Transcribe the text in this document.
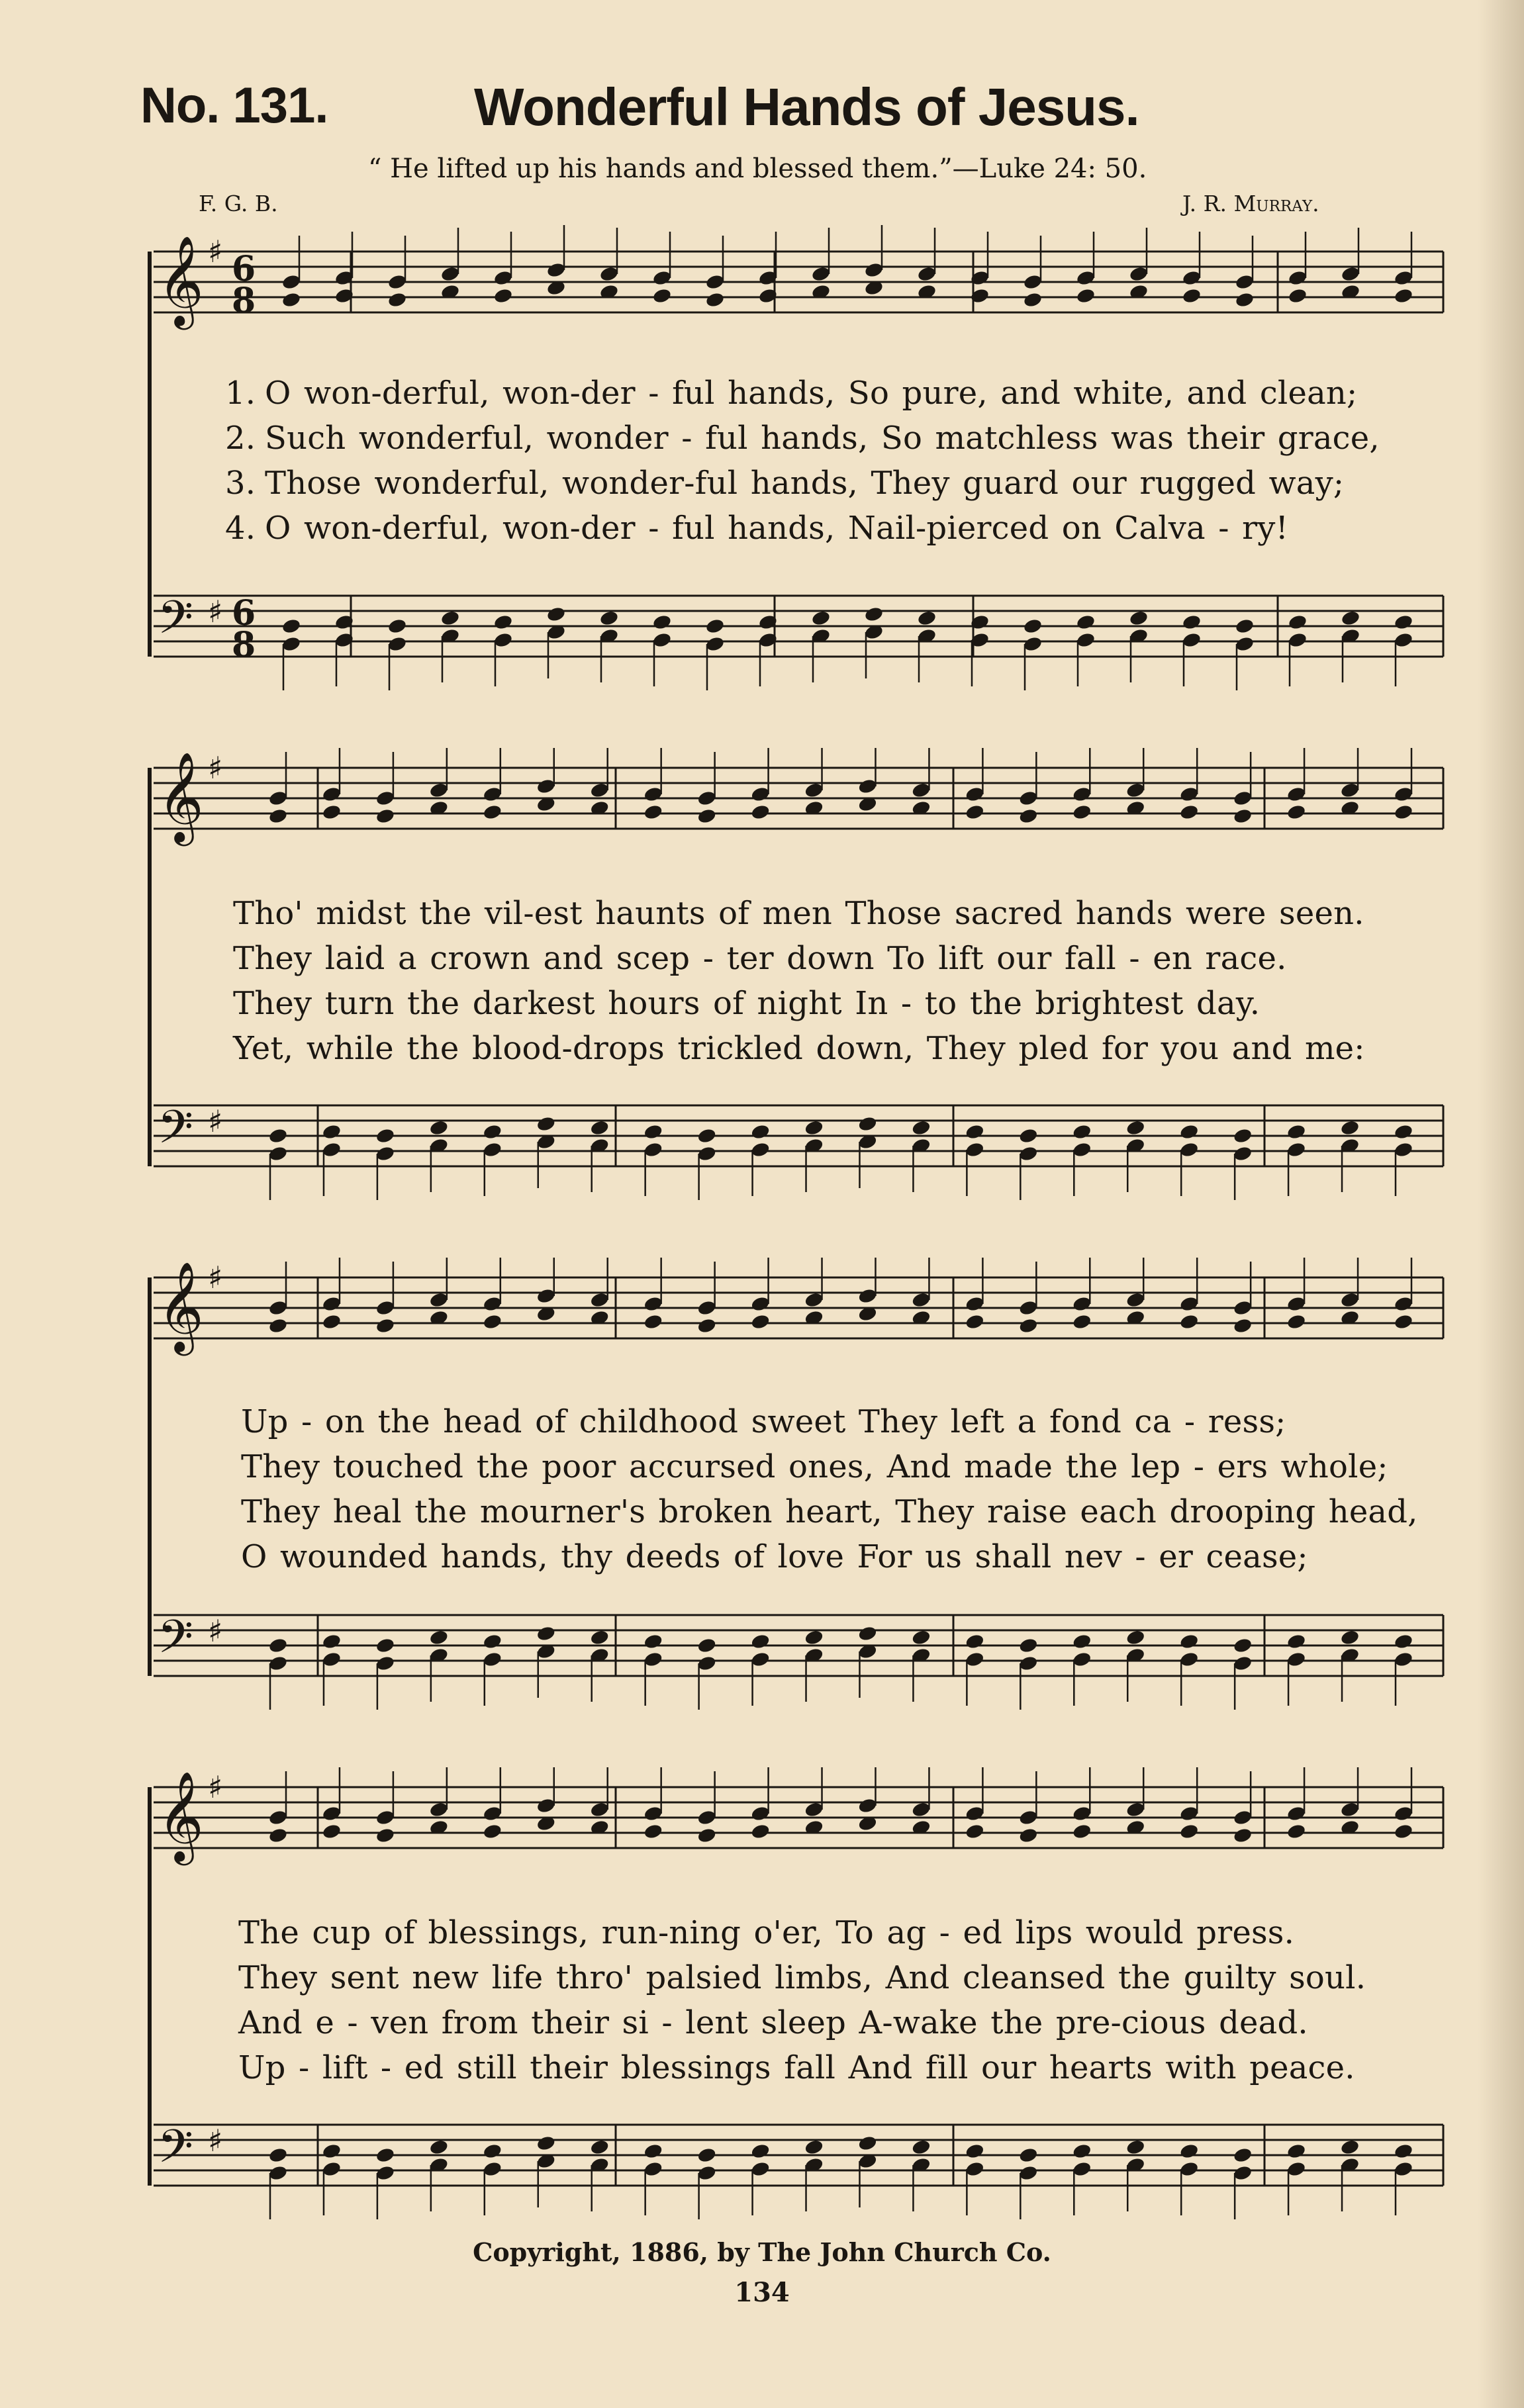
No. 131.	Wonderful Hands of Jesus.
“ He lifted up his hands and blessed them.”—Luke 24: 50.
F. G. B.	J. R. Murray.
𝄞 ♯ 6
8
𝄢 ♯ 6
8
1. O won-derful, won-der - ful hands, So pure, and white, and clean;
2. Such wonderful, wonder - ful hands, So matchless was their grace,
3. Those wonderful, wonder-ful hands, They guard our rugged way;
4. O won-derful, won-der - ful hands, Nail-pierced on Calva - ry!
𝄞 ♯
𝄢 ♯
Tho' midst the vil-est haunts of men Those sacred hands were seen.
They laid a crown and scep - ter down To lift our fall - en race.
They turn the darkest hours of night In - to the brightest day.
Yet, while the blood-drops trickled down, They pled for you and me:
𝄞 ♯
𝄢 ♯
Up - on the head of childhood sweet They left a fond ca - ress;
They touched the poor accursed ones, And made the lep - ers whole;
They heal the mourner's broken heart, They raise each drooping head,
O wounded hands, thy deeds of love For us shall nev - er cease;
𝄞 ♯
𝄢 ♯
The cup of blessings, run-ning o'er, To ag - ed lips would press.
They sent new life thro' palsied limbs, And cleansed the guilty soul.
And e - ven from their si - lent sleep A-wake the pre-cious dead.
Up - lift - ed still their blessings fall And fill our hearts with peace.
Copyright, 1886, by The John Church Co.
134
